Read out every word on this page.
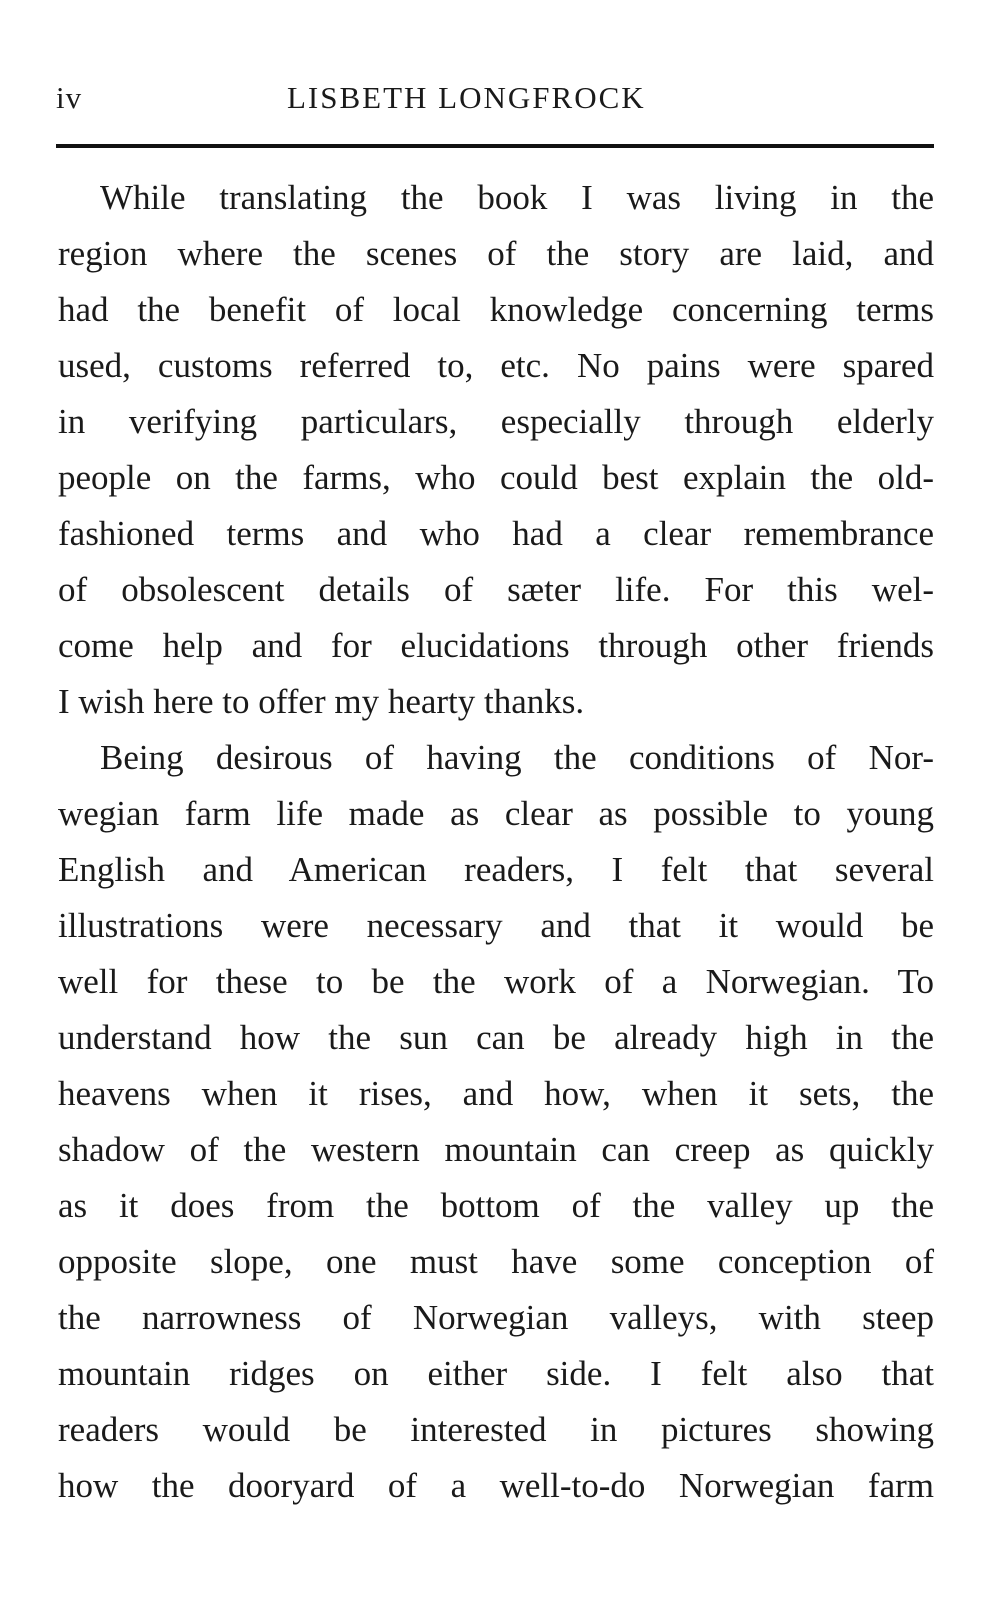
iv	LISBETH LONGFROCK
While translating the book I was living in the
region where the scenes of the story are laid, and
had the benefit of local knowledge concerning terms
used, customs referred to, etc. No pains were spared
in verifying particulars, especially through elderly
people on the farms, who could best explain the old-
fashioned terms and who had a clear remembrance
of obsolescent details of sæter life. For this wel-
come help and for elucidations through other friends
I wish here to offer my hearty thanks.
Being desirous of having the conditions of Nor-
wegian farm life made as clear as possible to young
English and American readers, I felt that several
illustrations were necessary and that it would be
well for these to be the work of a Norwegian. To
understand how the sun can be already high in the
heavens when it rises, and how, when it sets, the
shadow of the western mountain can creep as quickly
as it does from the bottom of the valley up the
opposite slope, one must have some conception of
the narrowness of Norwegian valleys, with steep
mountain ridges on either side. I felt also that
readers would be interested in pictures showing
how the dooryard of a well-to-do Norwegian farm
